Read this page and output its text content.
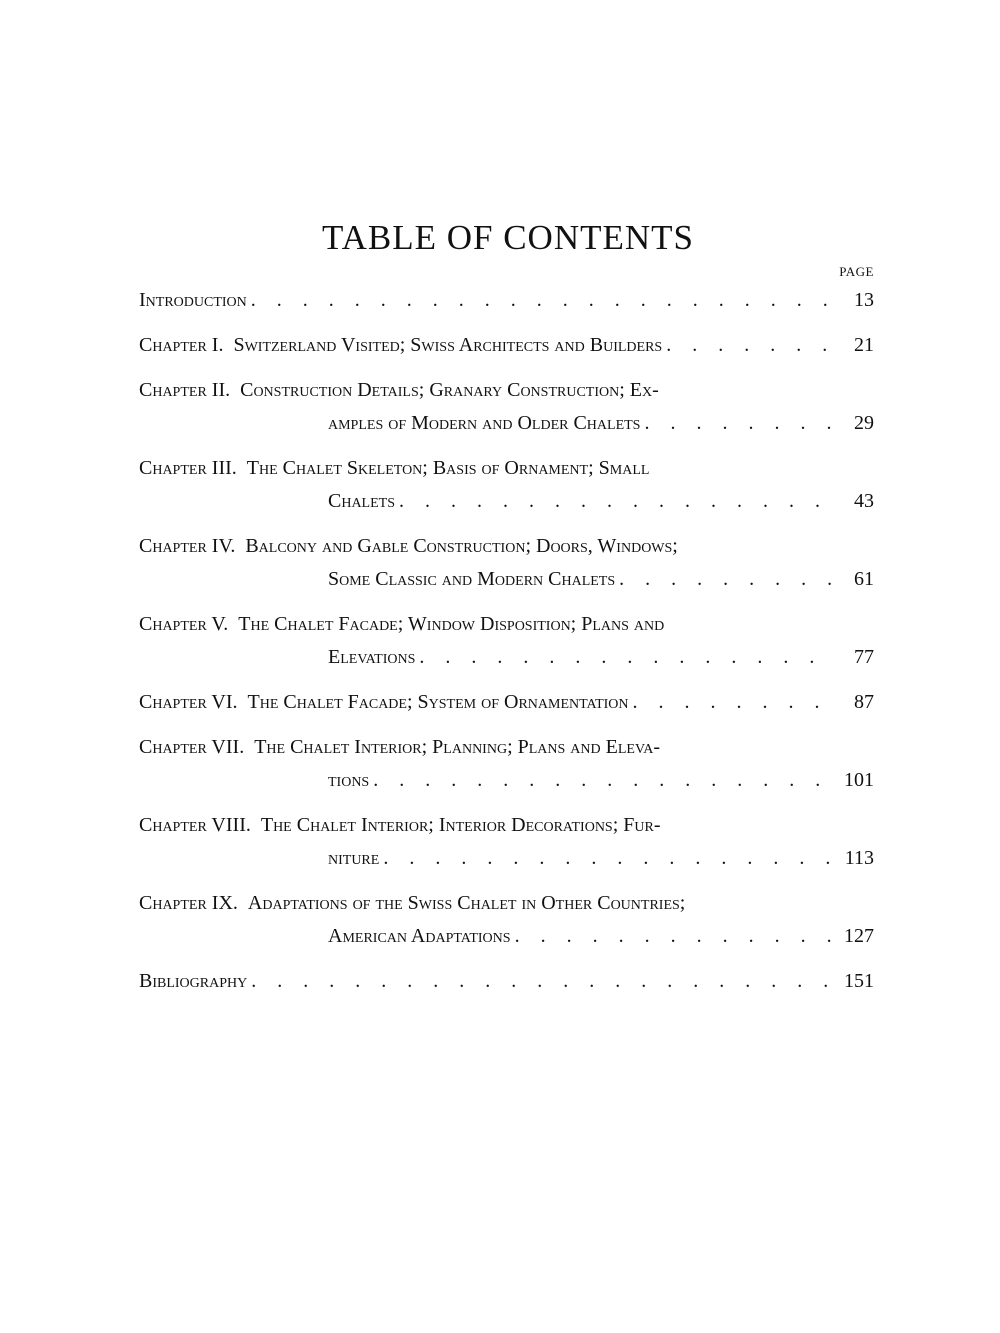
TABLE OF CONTENTS
PAGE
Introduction . . .	13
Chapter I.
Switzerland Visited; Swiss Architects and Builders . . .	21
Chapter II.
Construction Details; Granary Construction; Ex-
amples of Modern and Older Chalets . . .	29
Chapter III.
The Chalet Skeleton; Basis of Ornament; Small
Chalets . . .	43
Chapter IV.
Balcony and Gable Construction; Doors, Windows;
Some Classic and Modern Chalets . . .	61
Chapter V.
The Chalet Facade; Window Disposition; Plans and
Elevations . . .	77
Chapter VI.
The Chalet Facade; System of Ornamentation . . .	87
Chapter VII.
The Chalet Interior; Planning; Plans and Eleva-
tions . . .	101
Chapter VIII.
The Chalet Interior; Interior Decorations; Fur-
niture . . .	113
Chapter IX.
Adaptations of the Swiss Chalet in Other Countries;
American Adaptations . . .	127
Bibliography . . .	151
